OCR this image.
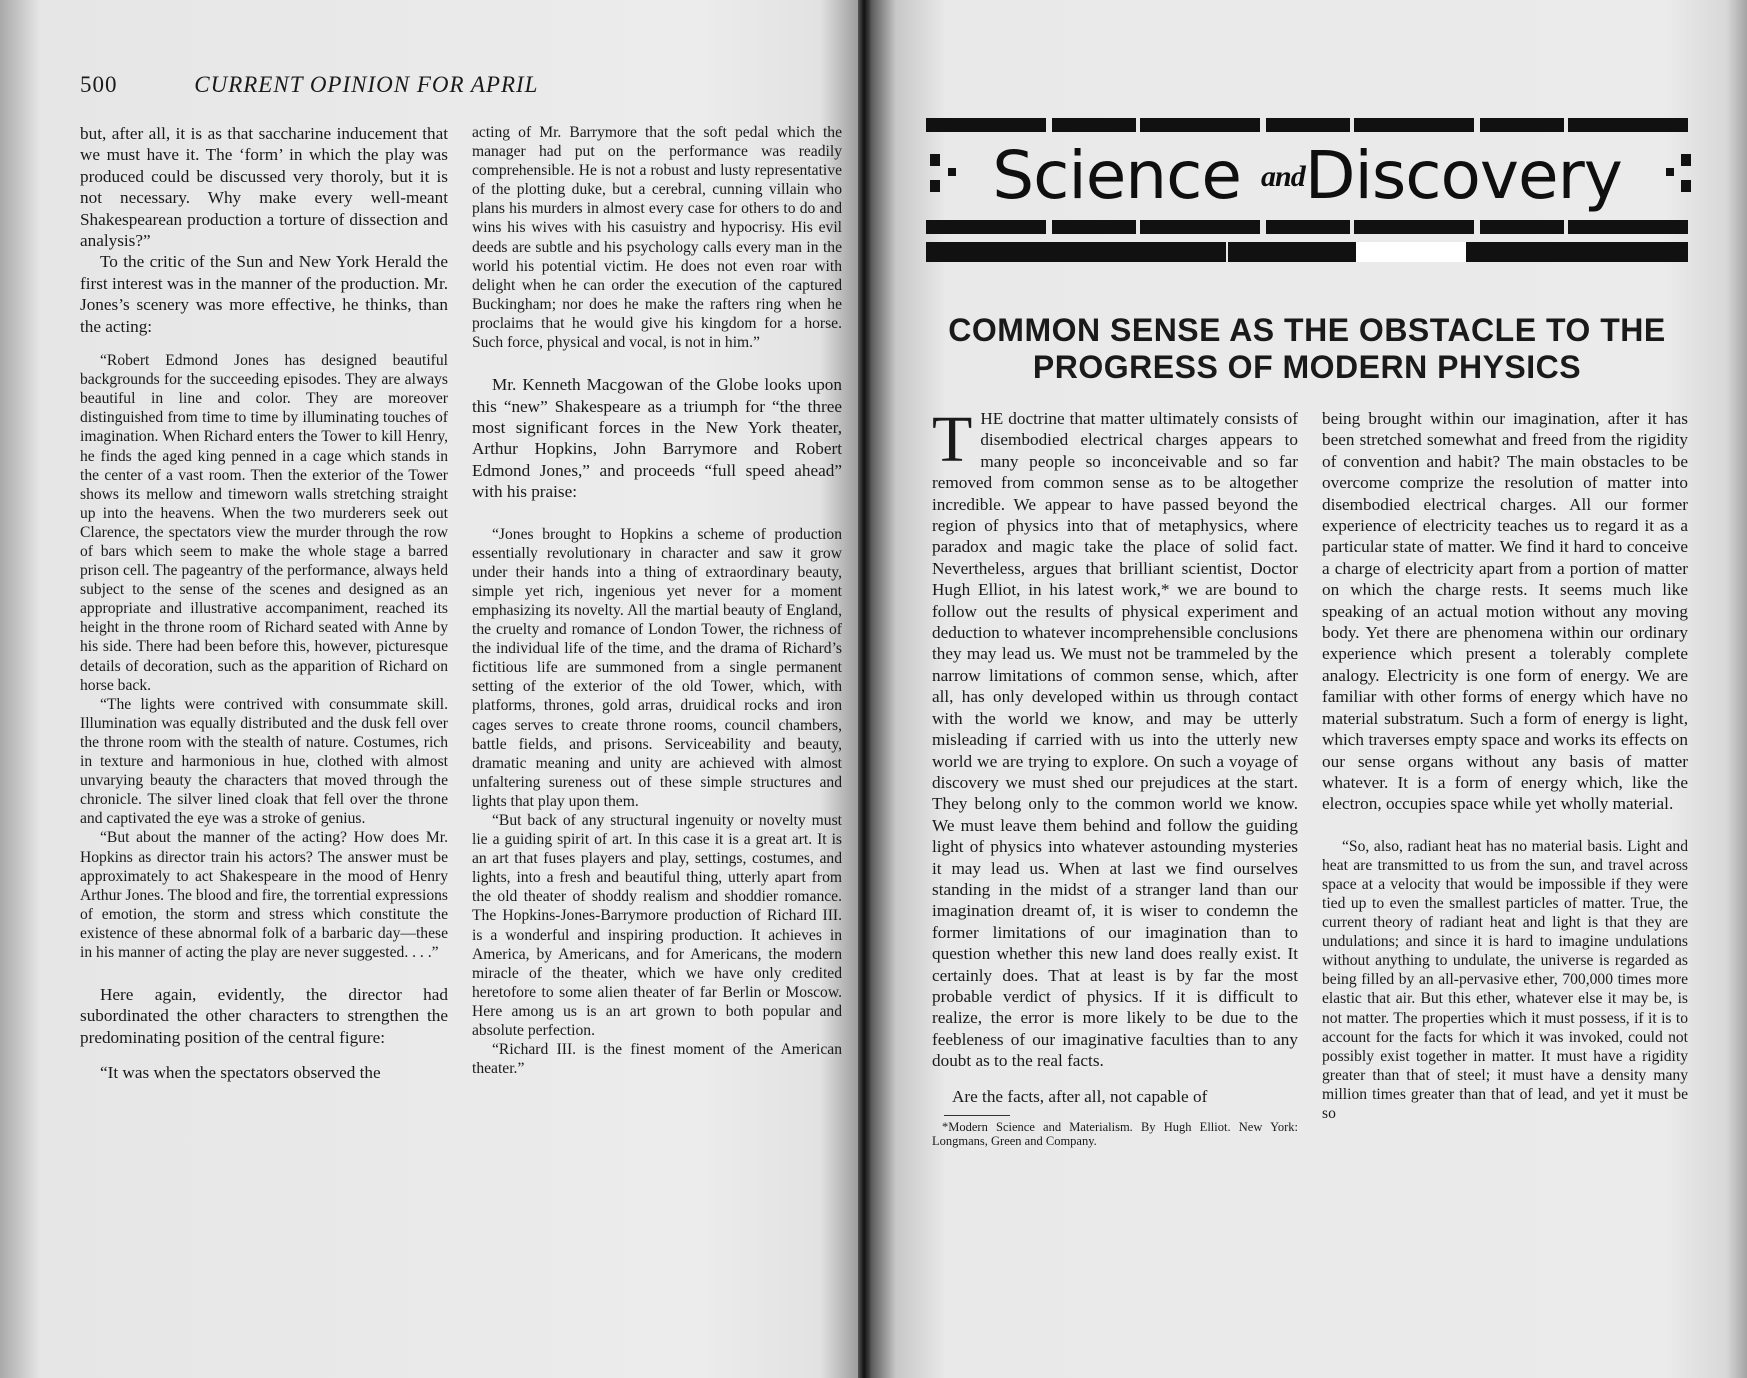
500	CURRENT OPINION FOR APRIL

but, after all, it is as that saccharine inducement that we must have it. The ‘form’ in which the play was produced could be discussed very thoroly, but it is not necessary. Why make every well-meant Shakespearean production a torture of dissection and analysis?”

To the critic of the Sun and New York Herald the first interest was in the manner of the production. Mr. Jones’s scenery was more effective, he thinks, than the acting:

“Robert Edmond Jones has designed beautiful backgrounds for the succeeding episodes. They are always beautiful in line and color. They are moreover distinguished from time to time by illuminating touches of imagination. When Richard enters the Tower to kill Henry, he finds the aged king penned in a cage which stands in the center of a vast room. Then the exterior of the Tower shows its mellow and timeworn walls stretching straight up into the heavens. When the two murderers seek out Clarence, the spectators view the murder through the row of bars which seem to make the whole stage a barred prison cell. The pageantry of the performance, always held subject to the sense of the scenes and designed as an appropriate and illustrative accompaniment, reached its height in the throne room of Richard seated with Anne by his side. There had been before this, however, picturesque details of decoration, such as the apparition of Richard on horse back.

“The lights were contrived with consummate skill. Illumination was equally distributed and the dusk fell over the throne room with the stealth of nature. Costumes, rich in texture and harmonious in hue, clothed with almost unvarying beauty the characters that moved through the chronicle. The silver lined cloak that fell over the throne and captivated the eye was a stroke of genius.

“But about the manner of the acting? How does Mr. Hopkins as director train his actors? The answer must be approximately to act Shakespeare in the mood of Henry Arthur Jones. The blood and fire, the torrential expressions of emotion, the storm and stress which constitute the existence of these abnormal folk of a barbaric day—these in his manner of acting the play are never suggested. . . .”

Here again, evidently, the director had subordinated the other characters to strengthen the predominating position of the central figure:

“It was when the spectators observed the

acting of Mr. Barrymore that the soft pedal which the manager had put on the performance was readily comprehensible. He is not a robust and lusty representative of the plotting duke, but a cerebral, cunning villain who plans his murders in almost every case for others to do and wins his wives with his casuistry and hypocrisy. His evil deeds are subtle and his psychology calls every man in the world his potential victim. He does not even roar with delight when he can order the execution of the captured Buckingham; nor does he make the rafters ring when he proclaims that he would give his kingdom for a horse. Such force, physical and vocal, is not in him.”

Mr. Kenneth Macgowan of the Globe looks upon this “new” Shakespeare as a triumph for “the three most significant forces in the New York theater, Arthur Hopkins, John Barrymore and Robert Edmond Jones,” and proceeds “full speed ahead” with his praise:

“Jones brought to Hopkins a scheme of production essentially revolutionary in character and saw it grow under their hands into a thing of extraordinary beauty, simple yet rich, ingenious yet never for a moment emphasizing its novelty. All the martial beauty of England, the cruelty and romance of London Tower, the richness of the individual life of the time, and the drama of Richard’s fictitious life are summoned from a single permanent setting of the exterior of the old Tower, which, with platforms, thrones, gold arras, druidical rocks and iron cages serves to create throne rooms, council chambers, battle fields, and prisons. Serviceability and beauty, dramatic meaning and unity are achieved with almost unfaltering sureness out of these simple structures and lights that play upon them.

“But back of any structural ingenuity or novelty must lie a guiding spirit of art. In this case it is a great art. It is an art that fuses players and play, settings, costumes, and lights, into a fresh and beautiful thing, utterly apart from the old theater of shoddy realism and shoddier romance. The Hopkins-Jones-Barrymore production of Richard III. is a wonderful and inspiring production. It achieves in America, by Americans, and for Americans, the modern miracle of the theater, which we have only credited heretofore to some alien theater of far Berlin or Moscow. Here among us is an art grown to both popular and absolute perfection.

“Richard III. is the finest moment of the American theater.”

Science andDiscovery
COMMON SENSE AS THE OBSTACLE TO THE
PROGRESS OF MODERN PHYSICS

THE doctrine that matter ultimately consists of disembodied electrical charges appears to many people so inconceivable and so far removed from common sense as to be altogether incredible. We appear to have passed beyond the region of physics into that of metaphysics, where paradox and magic take the place of solid fact. Nevertheless, argues that brilliant scientist, Doctor Hugh Elliot, in his latest work,* we are bound to follow out the results of physical experiment and deduction to whatever incomprehensible conclusions they may lead us. We must not be trammeled by the narrow limitations of common sense, which, after all, has only developed within us through contact with the world we know, and may be utterly misleading if carried with us into the utterly new world we are trying to explore. On such a voyage of discovery we must shed our prejudices at the start. They belong only to the common world we know. We must leave them behind and follow the guiding light of physics into whatever astounding mysteries it may lead us. When at last we find ourselves standing in the midst of a stranger land than our imagination dreamt of, it is wiser to condemn the former limitations of our imagination than to question whether this new land does really exist. It certainly does. That at least is by far the most probable verdict of physics. If it is difficult to realize, the error is more likely to be due to the feebleness of our imaginative faculties than to any doubt as to the real facts.

Are the facts, after all, not capable of

*Modern Science and Materialism. By Hugh Elliot. New York: Longmans, Green and Company.

being brought within our imagination, after it has been stretched somewhat and freed from the rigidity of convention and habit? The main obstacles to be overcome comprize the resolution of matter into disembodied electrical charges. All our former experience of electricity teaches us to regard it as a particular state of matter. We find it hard to conceive a charge of electricity apart from a portion of matter on which the charge rests. It seems much like speaking of an actual motion without any moving body. Yet there are phenomena within our ordinary experience which present a tolerably complete analogy. Electricity is one form of energy. We are familiar with other forms of energy which have no material substratum. Such a form of energy is light, which traverses empty space and works its effects on our sense organs without any basis of matter whatever. It is a form of energy which, like the electron, occupies space while yet wholly material.

“So, also, radiant heat has no material basis. Light and heat are transmitted to us from the sun, and travel across space at a velocity that would be impossible if they were tied up to even the smallest particles of matter. True, the current theory of radiant heat and light is that they are undulations; and since it is hard to imagine undulations without anything to undulate, the universe is regarded as being filled by an all-pervasive ether, 700,000 times more elastic that air. But this ether, whatever else it may be, is not matter. The properties which it must possess, if it is to account for the facts for which it was invoked, could not possibly exist together in matter. It must have a rigidity greater than that of steel; it must have a density many million times greater than that of lead, and yet it must be so
